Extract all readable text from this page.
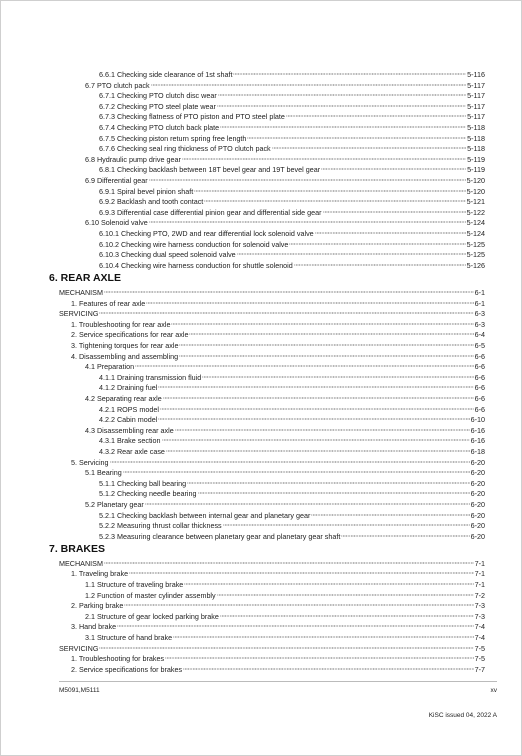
6.6.1 Checking side clearance of 1st shaft	5-116
6.7 PTO clutch pack	5-117
6.7.1 Checking PTO clutch disc wear	5-117
6.7.2 Checking PTO steel plate wear	5-117
6.7.3 Checking flatness of PTO piston and PTO steel plate	5-117
6.7.4 Checking PTO clutch back plate	5-118
6.7.5 Checking piston return spring free length	5-118
6.7.6 Checking seal ring thickness of PTO clutch pack	5-118
6.8 Hydraulic pump drive gear	5-119
6.8.1 Checking backlash between 18T bevel gear and 19T bevel gear	5-119
6.9 Differential gear	5-120
6.9.1 Spiral bevel pinion shaft	5-120
6.9.2 Backlash and tooth contact	5-121
6.9.3 Differential case differential pinion gear and differential side gear	5-122
6.10 Solenoid valve	5-124
6.10.1 Checking PTO, 2WD and rear differential lock solenoid valve	5-124
6.10.2 Checking wire harness conduction for solenoid valve	5-125
6.10.3 Checking dual speed solenoid valve	5-125
6.10.4 Checking wire harness conduction for shuttle solenoid	5-126
6. REAR AXLE
MECHANISM	6-1
1. Features of rear axle	6-1
SERVICING	6-3
1. Troubleshooting for rear axle	6-3
2. Service specifications for rear axle	6-4
3. Tightening torques for rear axle	6-5
4. Disassembling and assembling	6-6
4.1 Preparation	6-6
4.1.1 Draining transmission fluid	6-6
4.1.2 Draining fuel	6-6
4.2 Separating rear axle	6-6
4.2.1 ROPS model	6-6
4.2.2 Cabin model	6-10
4.3 Disassembling rear axle	6-16
4.3.1 Brake section	6-16
4.3.2 Rear axle case	6-18
5. Servicing	6-20
5.1 Bearing	6-20
5.1.1 Checking ball bearing	6-20
5.1.2 Checking needle bearing	6-20
5.2 Planetary gear	6-20
5.2.1 Checking backlash between internal gear and planetary gear	6-20
5.2.2 Measuring thrust collar thickness	6-20
5.2.3 Measuring clearance between planetary gear and planetary gear shaft	6-20
7. BRAKES
MECHANISM	7-1
1. Traveling brake	7-1
1.1 Structure of traveling brake	7-1
1.2 Function of master cylinder assembly	7-2
2. Parking brake	7-3
2.1 Structure of gear locked parking brake	7-3
3. Hand brake	7-4
3.1 Structure of hand brake	7-4
SERVICING	7-5
1. Troubleshooting for brakes	7-5
2. Service specifications for brakes	7-7
M5091,M5111	xv
KiSC issued 04, 2022 A
